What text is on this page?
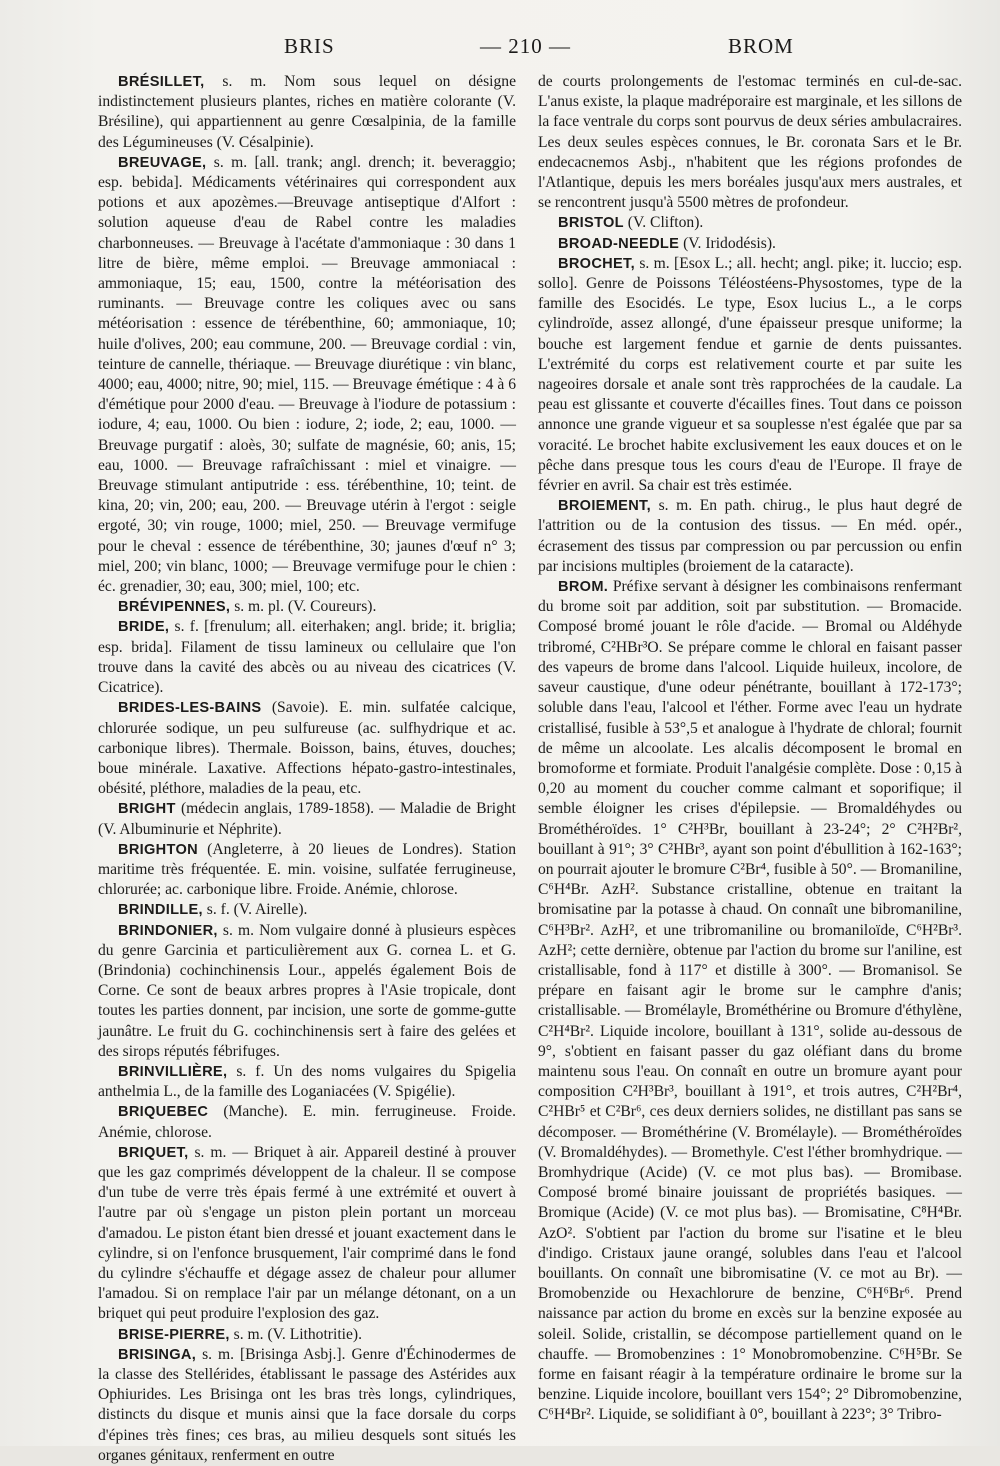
BRIS	— 210 —	BROM

BRÉSILLET, s. m. Nom sous lequel on désigne indistinctement plusieurs plantes, riches en matière colorante (V. Brésiline), qui appartiennent au genre Cœsalpinia, de la famille des Légumineuses (V. Césalpinie).

BREUVAGE, s. m. [all. trank; angl. drench; it. beveraggio; esp. bebida]. Médicaments vétérinaires qui correspondent aux potions et aux apozèmes.—Breuvage antiseptique d'Alfort : solution aqueuse d'eau de Rabel contre les maladies charbonneuses. — Breuvage à l'acétate d'ammoniaque : 30 dans 1 litre de bière, même emploi. — Breuvage ammoniacal : ammoniaque, 15; eau, 1500, contre la météorisation des ruminants. — Breuvage contre les coliques avec ou sans météorisation : essence de térébenthine, 60; ammoniaque, 10; huile d'olives, 200; eau commune, 200. — Breuvage cordial : vin, teinture de cannelle, thériaque. — Breuvage diurétique : vin blanc, 4000; eau, 4000; nitre, 90; miel, 115. — Breuvage émétique : 4 à 6 d'émétique pour 2000 d'eau. — Breuvage à l'iodure de potassium : iodure, 4; eau, 1000. Ou bien : iodure, 2; iode, 2; eau, 1000. — Breuvage purgatif : aloès, 30; sulfate de magnésie, 60; anis, 15; eau, 1000. — Breuvage rafraîchissant : miel et vinaigre. — Breuvage stimulant antiputride : ess. térébenthine, 10; teint. de kina, 20; vin, 200; eau, 200. — Breuvage utérin à l'ergot : seigle ergoté, 30; vin rouge, 1000; miel, 250. — Breuvage vermifuge pour le cheval : essence de térébenthine, 30; jaunes d'œuf n° 3; miel, 200; vin blanc, 1000; — Breuvage vermifuge pour le chien : éc. grenadier, 30; eau, 300; miel, 100; etc.

BRÉVIPENNES, s. m. pl. (V. Coureurs).

BRIDE, s. f. [frenulum; all. eiterhaken; angl. bride; it. briglia; esp. brida]. Filament de tissu lamineux ou cellulaire que l'on trouve dans la cavité des abcès ou au niveau des cicatrices (V. Cicatrice).

BRIDES-LES-BAINS (Savoie). E. min. sulfatée calcique, chlorurée sodique, un peu sulfureuse (ac. sulfhydrique et ac. carbonique libres). Thermale. Boisson, bains, étuves, douches; boue minérale. Laxative. Affections hépato-gastro-intestinales, obésité, pléthore, maladies de la peau, etc.

BRIGHT (médecin anglais, 1789-1858). — Maladie de Bright (V. Albuminurie et Néphrite).

BRIGHTON (Angleterre, à 20 lieues de Londres). Station maritime très fréquentée. E. min. voisine, sulfatée ferrugineuse, chlorurée; ac. carbonique libre. Froide. Anémie, chlorose.

BRINDILLE, s. f. (V. Airelle).

BRINDONIER, s. m. Nom vulgaire donné à plusieurs espèces du genre Garcinia et particulièrement aux G. cornea L. et G. (Brindonia) cochinchinensis Lour., appelés également Bois de Corne. Ce sont de beaux arbres propres à l'Asie tropicale, dont toutes les parties donnent, par incision, une sorte de gomme-gutte jaunâtre. Le fruit du G. cochinchinensis sert à faire des gelées et des sirops réputés fébrifuges.

BRINVILLIÈRE, s. f. Un des noms vulgaires du Spigelia anthelmia L., de la famille des Loganiacées (V. Spigélie).

BRIQUEBEC (Manche). E. min. ferrugineuse. Froide. Anémie, chlorose.

BRIQUET, s. m. — Briquet à air. Appareil destiné à prouver que les gaz comprimés développent de la chaleur. Il se compose d'un tube de verre très épais fermé à une extrémité et ouvert à l'autre par où s'engage un piston plein portant un morceau d'amadou. Le piston étant bien dressé et jouant exactement dans le cylindre, si on l'enfonce brusquement, l'air comprimé dans le fond du cylindre s'échauffe et dégage assez de chaleur pour allumer l'amadou. Si on remplace l'air par un mélange détonant, on a un briquet qui peut produire l'explosion des gaz.

BRISE-PIERRE, s. m. (V. Lithotritie).

BRISINGA, s. m. [Brisinga Asbj.]. Genre d'Échinodermes de la classe des Stellérides, établissant le passage des Astérides aux Ophiurides. Les Brisinga ont les bras très longs, cylindriques, distincts du disque et munis ainsi que la face dorsale du corps d'épines très fines; ces bras, au milieu desquels sont situés les organes génitaux, renferment en outre

de courts prolongements de l'estomac terminés en cul-de-sac. L'anus existe, la plaque madréporaire est marginale, et les sillons de la face ventrale du corps sont pourvus de deux séries ambulacraires. Les deux seules espèces connues, le Br. coronata Sars et le Br. endecacnemos Asbj., n'habitent que les régions profondes de l'Atlantique, depuis les mers boréales jusqu'aux mers australes, et se rencontrent jusqu'à 5500 mètres de profondeur.

BRISTOL (V. Clifton).

BROAD-NEEDLE (V. Iridodésis).

BROCHET, s. m. [Esox L.; all. hecht; angl. pike; it. luccio; esp. sollo]. Genre de Poissons Téléostéens-Physostomes, type de la famille des Esocidés. Le type, Esox lucius L., a le corps cylindroïde, assez allongé, d'une épaisseur presque uniforme; la bouche est largement fendue et garnie de dents puissantes. L'extrémité du corps est relativement courte et par suite les nageoires dorsale et anale sont très rapprochées de la caudale. La peau est glissante et couverte d'écailles fines. Tout dans ce poisson annonce une grande vigueur et sa souplesse n'est égalée que par sa voracité. Le brochet habite exclusivement les eaux douces et on le pêche dans presque tous les cours d'eau de l'Europe. Il fraye de février en avril. Sa chair est très estimée.

BROIEMENT, s. m. En path. chirug., le plus haut degré de l'attrition ou de la contusion des tissus. — En méd. opér., écrasement des tissus par compression ou par percussion ou enfin par incisions multiples (broiement de la cataracte).

BROM. Préfixe servant à désigner les combinaisons renfermant du brome soit par addition, soit par substitution. — Bromacide. Composé bromé jouant le rôle d'acide. — Bromal ou Aldéhyde tribromé, C²HBr³O. Se prépare comme le chloral en faisant passer des vapeurs de brome dans l'alcool. Liquide huileux, incolore, de saveur caustique, d'une odeur pénétrante, bouillant à 172-173°; soluble dans l'eau, l'alcool et l'éther. Forme avec l'eau un hydrate cristallisé, fusible à 53°,5 et analogue à l'hydrate de chloral; fournit de même un alcoolate. Les alcalis décomposent le bromal en bromoforme et formiate. Produit l'analgésie complète. Dose : 0,15 à 0,20 au moment du coucher comme calmant et soporifique; il semble éloigner les crises d'épilepsie. — Bromaldéhydes ou Brométhéroïdes. 1° C²H³Br, bouillant à 23-24°; 2° C²H²Br², bouillant à 91°; 3° C²HBr³, ayant son point d'ébullition à 162-163°; on pourrait ajouter le bromure C²Br⁴, fusible à 50°. — Bromaniline, C⁶H⁴Br. AzH². Substance cristalline, obtenue en traitant la bromisatine par la potasse à chaud. On connaît une bibromaniline, C⁶H³Br². AzH², et une tribromaniline ou bromaniloïde, C⁶H²Br³. AzH²; cette dernière, obtenue par l'action du brome sur l'aniline, est cristallisable, fond à 117° et distille à 300°. — Bromanisol. Se prépare en faisant agir le brome sur le camphre d'anis; cristallisable. — Bromélayle, Brométhérine ou Bromure d'éthylène, C²H⁴Br². Liquide incolore, bouillant à 131°, solide au-dessous de 9°, s'obtient en faisant passer du gaz oléfiant dans du brome maintenu sous l'eau. On connaît en outre un bromure ayant pour composition C²H³Br³, bouillant à 191°, et trois autres, C²H²Br⁴, C²HBr⁵ et C²Br⁶, ces deux derniers solides, ne distillant pas sans se décomposer. — Brométhérine (V. Bromélayle). — Brométhéroïdes (V. Bromaldéhydes). — Bromethyle. C'est l'éther bromhydrique. — Bromhydrique (Acide) (V. ce mot plus bas). — Bromibase. Composé bromé binaire jouissant de propriétés basiques. — Bromique (Acide) (V. ce mot plus bas). — Bromisatine, C⁸H⁴Br. AzO². S'obtient par l'action du brome sur l'isatine et le bleu d'indigo. Cristaux jaune orangé, solubles dans l'eau et l'alcool bouillants. On connaît une bibromisatine (V. ce mot au Br). — Bromobenzide ou Hexachlorure de benzine, C⁶H⁶Br⁶. Prend naissance par action du brome en excès sur la benzine exposée au soleil. Solide, cristallin, se décompose partiellement quand on le chauffe. — Bromobenzines : 1° Monobromobenzine. C⁶H⁵Br. Se forme en faisant réagir à la température ordinaire le brome sur la benzine. Liquide incolore, bouillant vers 154°; 2° Dibromobenzine, C⁶H⁴Br². Liquide, se solidifiant à 0°, bouillant à 223°; 3° Tribro-
